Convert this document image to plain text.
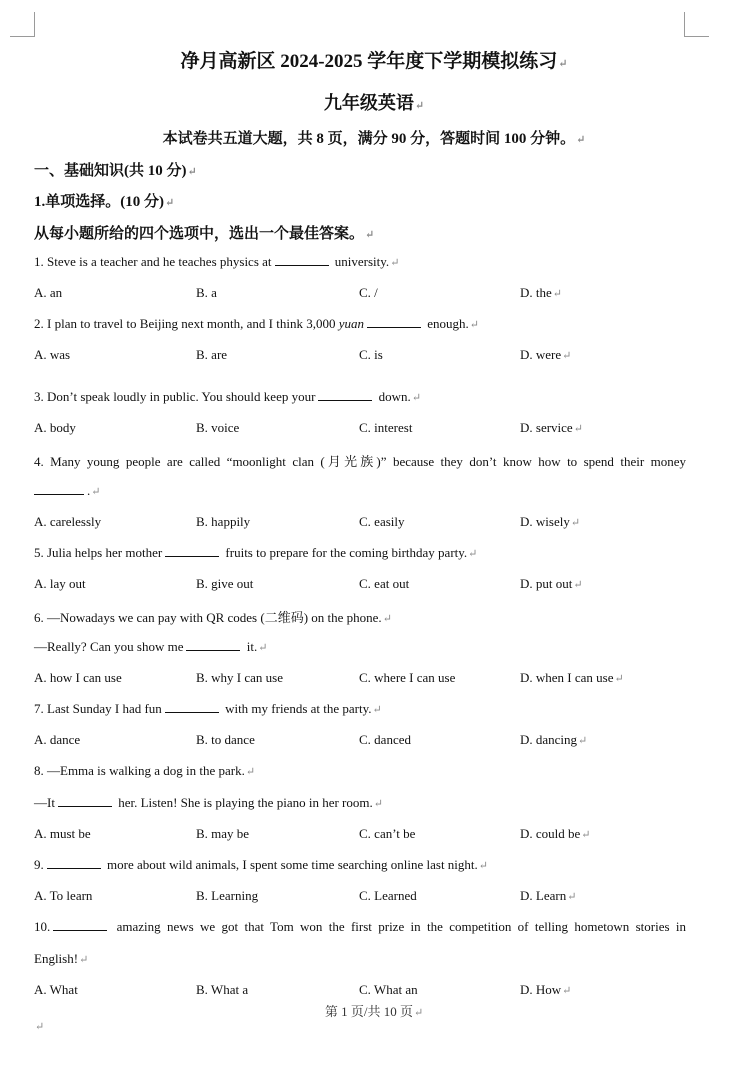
净月高新区 2024-2025 学年度下学期模拟练习↵
九年级英语↵
本试卷共五道大题，共 8 页，满分 90 分，答题时间 100 分钟。↵
一、基础知识(共 10 分)↵
1.单项选择。(10 分)↵
从每小题所给的四个选项中，选出一个最佳答案。↵
1. Steve is a teacher and he teaches physics at	university.↵
A. an	B. a	C. /	D. the↵
2. I plan to travel to Beijing next month, and I think 3,000 yuan	enough.↵
A. was	B. are	C. is	D. were↵
3. Don’t speak loudly in public. You should keep your	down.↵
A. body	B. voice	C. interest	D. service↵
4. Many young people are called “moonlight clan (月光族)” because they don’t know how to spend their money
.↵
A. carelessly	B. happily	C. easily	D. wisely↵
5. Julia helps her mother	fruits to prepare for the coming birthday party.↵
A. lay out	B. give out	C. eat out	D. put out↵
6. —Nowadays we can pay with QR codes (二维码) on the phone.↵
—Really? Can you show me	it.↵
A. how I can use	B. why I can use	C. where I can use	D. when I can use↵
7. Last Sunday I had fun	with my friends at the party.↵
A. dance	B. to dance	C. danced	D. dancing↵
8. —Emma is walking a dog in the park.↵
—It	her. Listen! She is playing the piano in her room.↵
A. must be	B. may be	C. can’t be	D. could be↵
9.	more about wild animals, I spent some time searching online last night.↵
A. To learn	B. Learning	C. Learned	D. Learn↵
10.	amazing news we got that Tom won the first prize in the competition of telling hometown stories in
English!↵
A. What	B. What a	C. What an	D. How↵
第 1 页/共 10 页↵
↵
